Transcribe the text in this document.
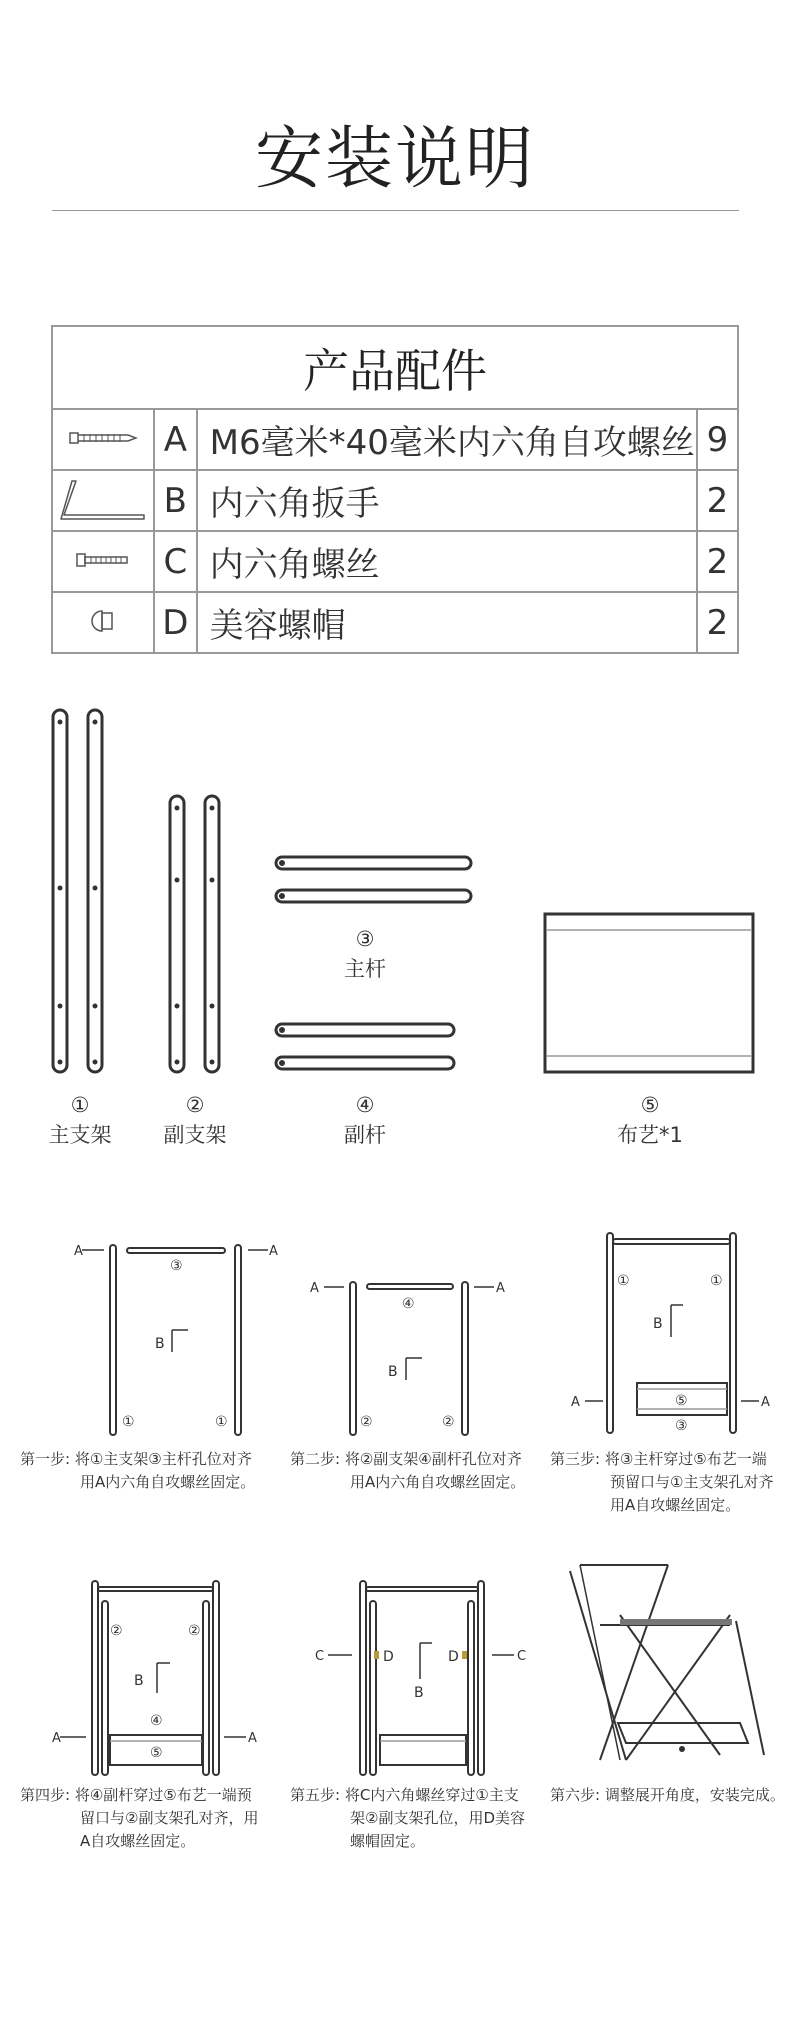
安装说明
产品配件			
	A	M6毫米*40毫米内六角自攻螺丝	9
	B	内六角扳手	2
	C	内六角螺丝	2
	D	美容螺帽	2
①
主支架
②
副支架
③
主杆
④
副杆
⑤
布艺*1
A	A
③
B
①	①
A	A
④
B
②	②
A	A
①	①
B
⑤
③
第一步: 将①主支架③主杆孔位对齐
用A内六角自攻螺丝固定。
第二步: 将②副支架④副杆孔位对齐
用A内六角自攻螺丝固定。
第三步: 将③主杆穿过⑤布艺一端
预留口与①主支架孔对齐
用A自攻螺丝固定。
A	A
②	②
B
④
⑤
C	C
D	D
B
第四步: 将④副杆穿过⑤布艺一端预
留口与②副支架孔对齐，用
A自攻螺丝固定。
第五步: 将C内六角螺丝穿过①主支
架②副支架孔位，用D美容
螺帽固定。
第六步: 调整展开角度，安装完成。
